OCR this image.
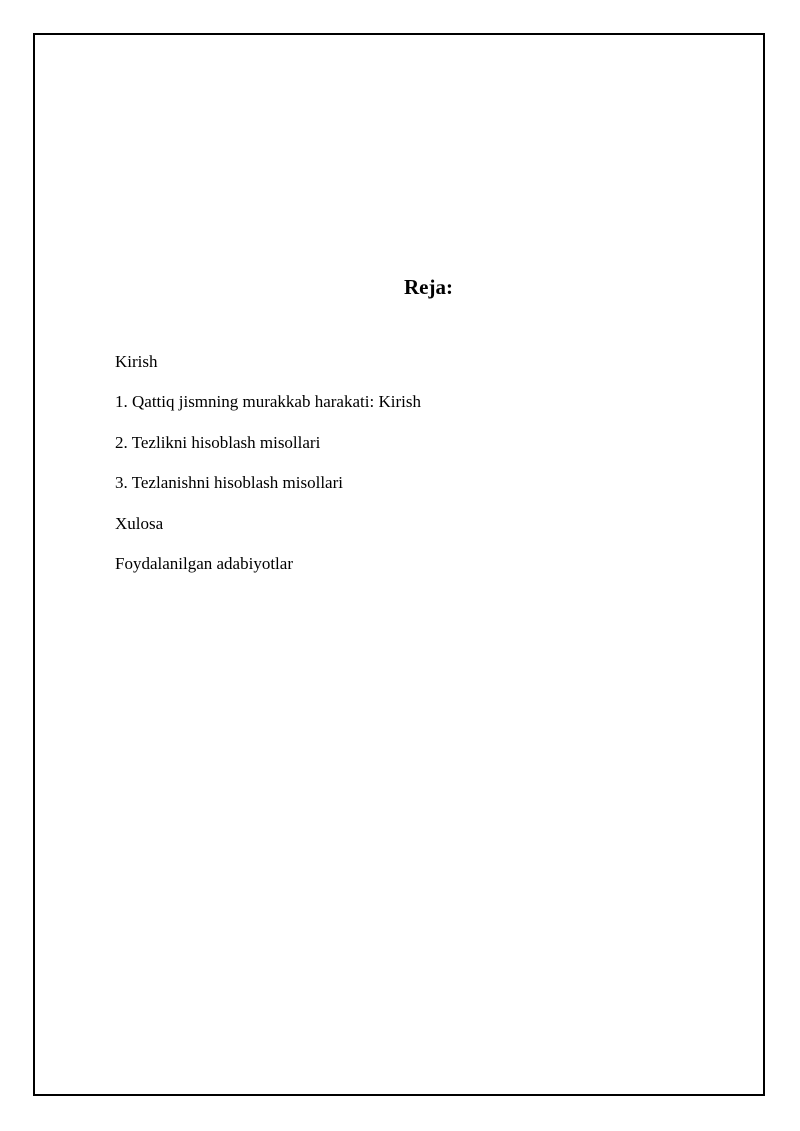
Reja:
Kirish
1. Qattiq jismning murakkab harakati: Kirish
2. Tezlikni hisoblash misollari
3. Tezlanishni hisoblash misollari
Xulosa
Foydalanilgan adabiyotlar
